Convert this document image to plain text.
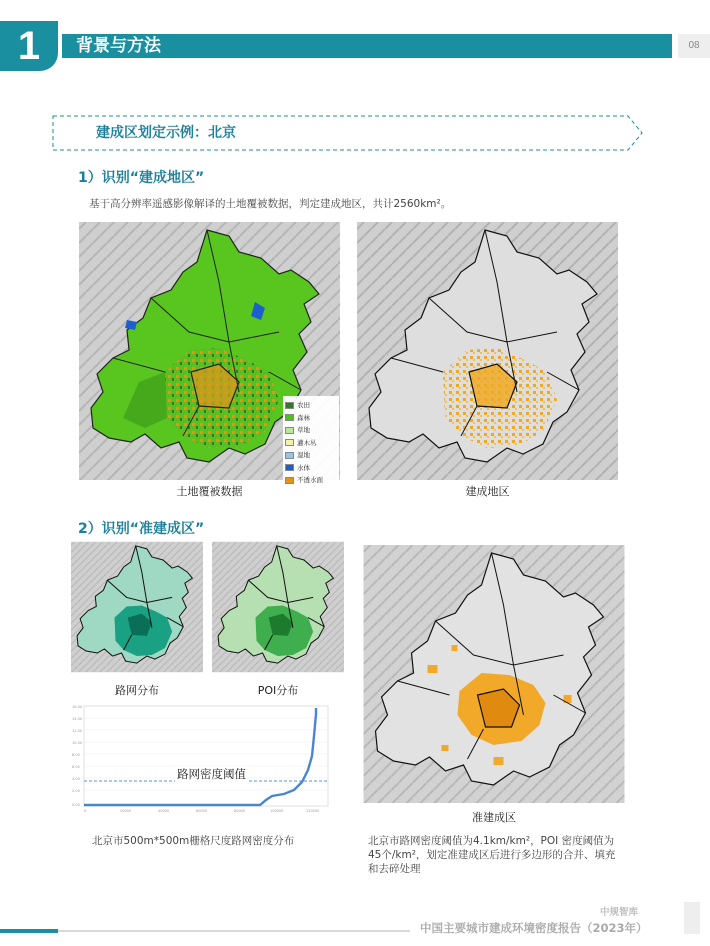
1	背景与方法	08
建成区划定示例：北京
1）识别“建成地区”
基于高分辨率遥感影像解译的土地覆被数据，判定建成地区，共计2560km²。
农田
森林
草地
灌木丛
湿地
水体
不透水面
土地覆被数据	建成地区
2）识别“准建成区”
路网分布	POI分布
16.00
14.00
12.00
10.00
8.00
6.00
4.00
2.00
0.00
0	20000	40000	60000	80000	100000	120000
路网密度阈值
北京市500m*500m栅格尺度路网密度分布
准建成区
北京市路网密度阈值为4.1km/km²，POI 密度阈值为45个/km²，划定准建成区后进行多边形的合并、填充和去碎处理
中规智库
中国主要城市建成环境密度报告（2023年）
